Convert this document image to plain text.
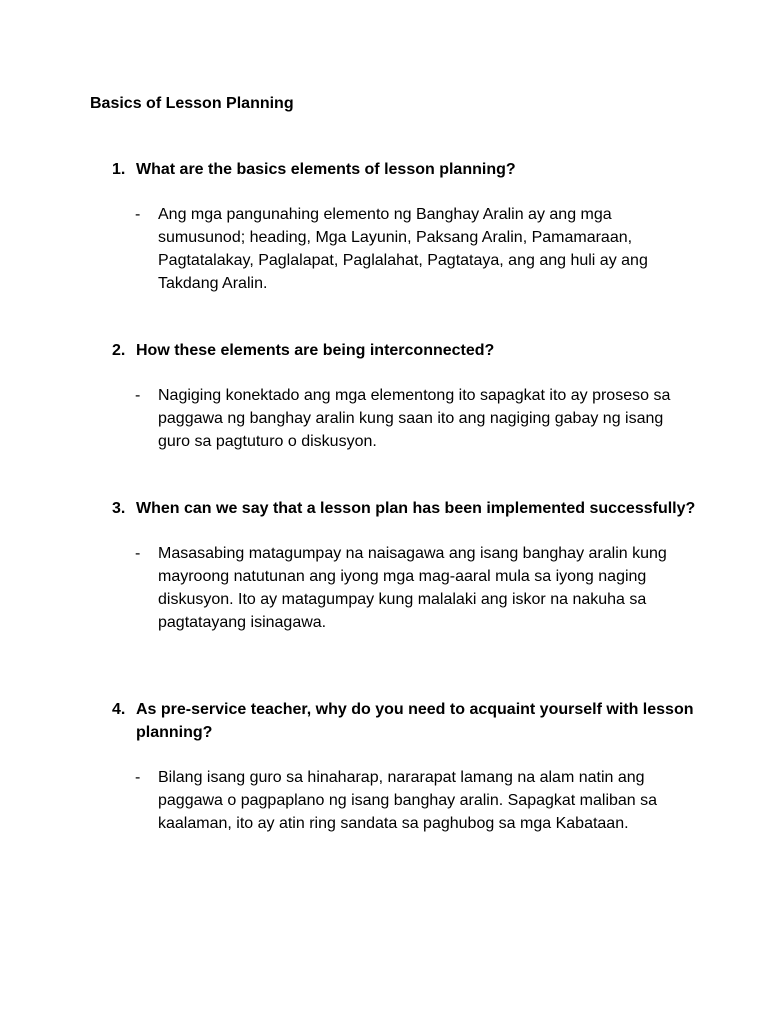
Basics of Lesson Planning

1. What are the basics elements of lesson planning?

- Ang mga pangunahing elemento ng Banghay Aralin ay ang mga sumusunod; heading, Mga Layunin, Paksang Aralin, Pamamaraan, Pagtatalakay, Paglalapat, Paglalahat, Pagtataya, ang ang huli ay ang Takdang Aralin.

2. How these elements are being interconnected?

- Nagiging konektado ang mga elementong ito sapagkat ito ay proseso sa paggawa ng banghay aralin kung saan ito ang nagiging gabay ng isang guro sa pagtuturo o diskusyon.

3. When can we say that a lesson plan has been implemented successfully?

- Masasabing matagumpay na naisagawa ang isang banghay aralin kung mayroong natutunan ang iyong mga mag-aaral mula sa iyong naging diskusyon. Ito ay matagumpay kung malalaki ang iskor na nakuha sa pagtatayang isinagawa.

4. As pre-service teacher, why do you need to acquaint yourself with lesson planning?

- Bilang isang guro sa hinaharap, nararapat lamang na alam natin ang paggawa o pagpaplano ng isang banghay aralin. Sapagkat maliban sa kaalaman, ito ay atin ring sandata sa paghubog sa mga Kabataan.
